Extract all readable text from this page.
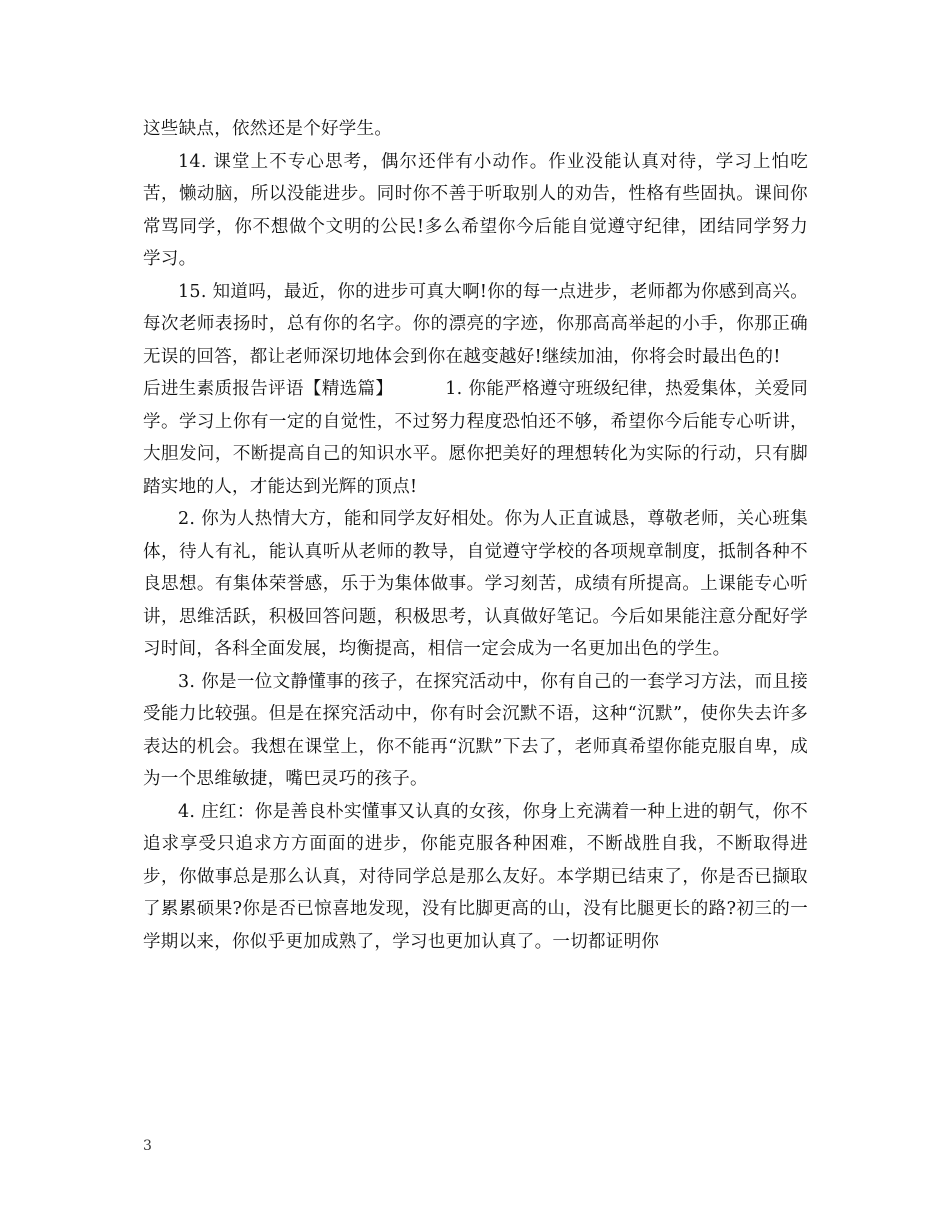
这些缺点，依然还是个好学生。

14. 课堂上不专心思考，偶尔还伴有小动作。作业没能认真对待，学习上怕吃苦，懒动脑，所以没能进步。同时你不善于听取别人的劝告，性格有些固执。课间你常骂同学，你不想做个文明的公民!多么希望你今后能自觉遵守纪律，团结同学努力学习。

15. 知道吗，最近，你的进步可真大啊!你的每一点进步，老师都为你感到高兴。每次老师表扬时，总有你的名字。你的漂亮的字迹，你那高高举起的小手，你那正确无误的回答，都让老师深切地体会到你在越变越好!继续加油，你将会时最出色的!

后进生素质报告评语【精选篇】	1. 你能严格遵守班级纪律，热爱集体，关爱同学。学习上你有一定的自觉性，不过努力程度恐怕还不够，希望你今后能专心听讲，大胆发问，不断提高自己的知识水平。愿你把美好的理想转化为实际的行动，只有脚踏实地的人，才能达到光辉的顶点!

2. 你为人热情大方，能和同学友好相处。你为人正直诚恳，尊敬老师，关心班集体，待人有礼，能认真听从老师的教导，自觉遵守学校的各项规章制度，抵制各种不良思想。有集体荣誉感，乐于为集体做事。学习刻苦，成绩有所提高。上课能专心听讲，思维活跃，积极回答问题，积极思考，认真做好笔记。今后如果能注意分配好学习时间，各科全面发展，均衡提高，相信一定会成为一名更加出色的学生。

3. 你是一位文静懂事的孩子，在探究活动中，你有自己的一套学习方法，而且接受能力比较强。但是在探究活动中，你有时会沉默不语，这种“沉默”，使你失去许多表达的机会。我想在课堂上，你不能再“沉默”下去了，老师真希望你能克服自卑，成为一个思维敏捷，嘴巴灵巧的孩子。

4. 庄红：你是善良朴实懂事又认真的女孩，你身上充满着一种上进的朝气，你不追求享受只追求方方面面的进步，你能克服各种困难，不断战胜自我，不断取得进步，你做事总是那么认真，对待同学总是那么友好。本学期已结束了，你是否已撷取了累累硕果?你是否已惊喜地发现，没有比脚更高的山，没有比腿更长的路?初三的一学期以来，你似乎更加成熟了，学习也更加认真了。一切都证明你

3
